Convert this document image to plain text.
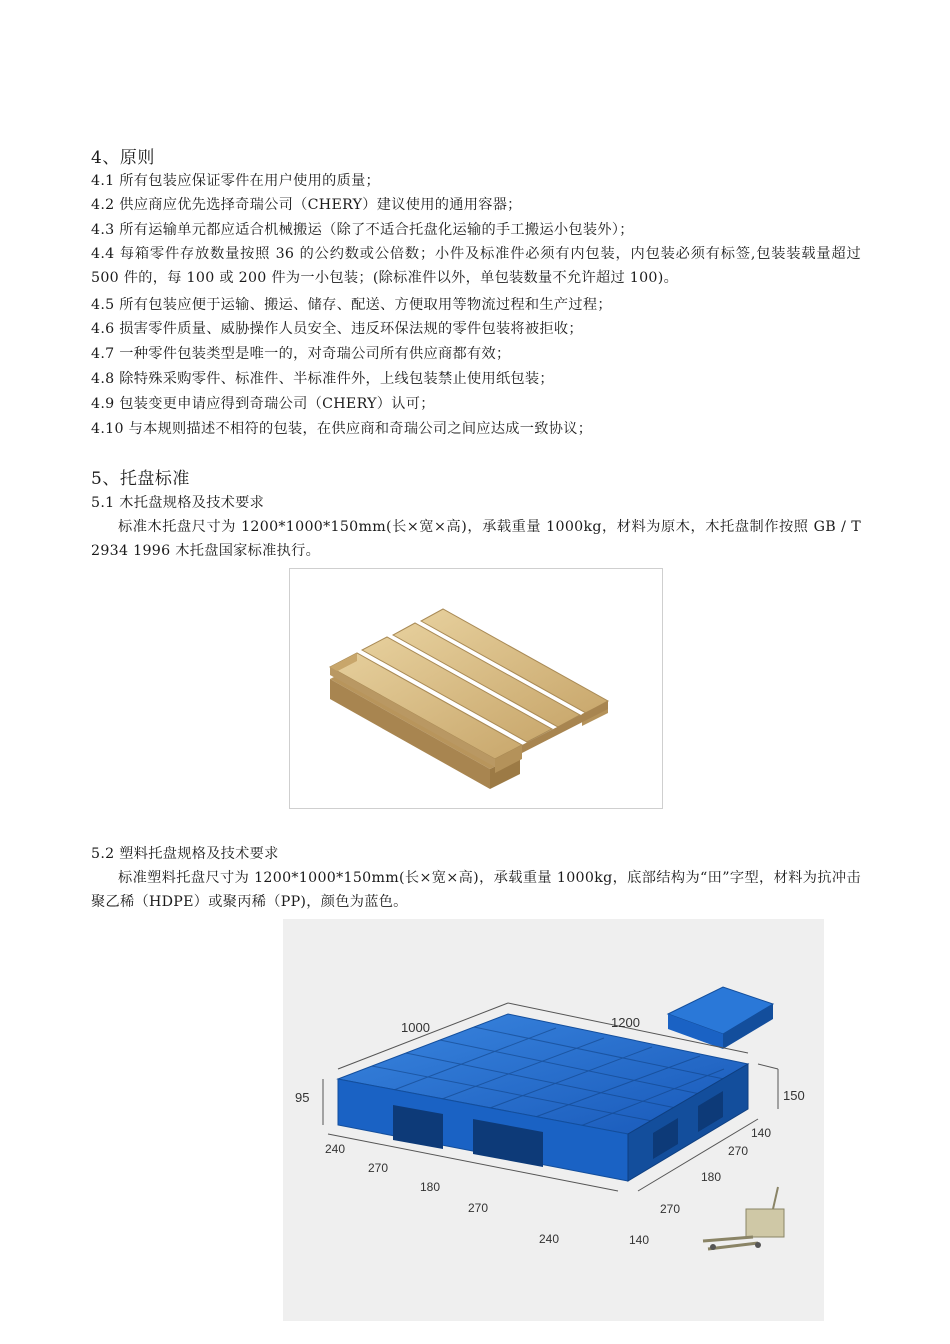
4、原则
4.1 所有包装应保证零件在用户使用的质量；
4.2 供应商应优先选择奇瑞公司（CHERY）建议使用的通用容器；
4.3 所有运输单元都应适合机械搬运（除了不适合托盘化运输的手工搬运小包装外）；
4.4 每箱零件存放数量按照 36 的公约数或公倍数；小件及标准件必须有内包装，内包装必须有标签,包装装载量超过 500 件的，每 100 或 200 件为一小包装；(除标准件以外，单包装数量不允许超过 100)。
4.5 所有包装应便于运输、搬运、储存、配送、方便取用等物流过程和生产过程；
4.6 损害零件质量、威胁操作人员安全、违反环保法规的零件包装将被拒收；
4.7 一种零件包装类型是唯一的，对奇瑞公司所有供应商都有效；
4.8 除特殊采购零件、标准件、半标准件外，上线包装禁止使用纸包装；
4.9 包装变更申请应得到奇瑞公司（CHERY）认可；
4.10 与本规则描述不相符的包装，在供应商和奇瑞公司之间应达成一致协议；
5、托盘标准
5.1 木托盘规格及技术要求
标准木托盘尺寸为 1200*1000*150mm(长×宽×高)，承载重量 1000kg，材料为原木，木托盘制作按照 GB / T 2934 1996 木托盘国家标准执行。
5.2 塑料托盘规格及技术要求
标准塑料托盘尺寸为 1200*1000*150mm(长×宽×高)，承载重量 1000kg，底部结构为“田”字型，材料为抗冲击聚乙稀（HDPE）或聚丙稀（PP)，颜色为蓝色。
1000	1200
95	150
240
270
180
270
240
140
270
180
270
140
